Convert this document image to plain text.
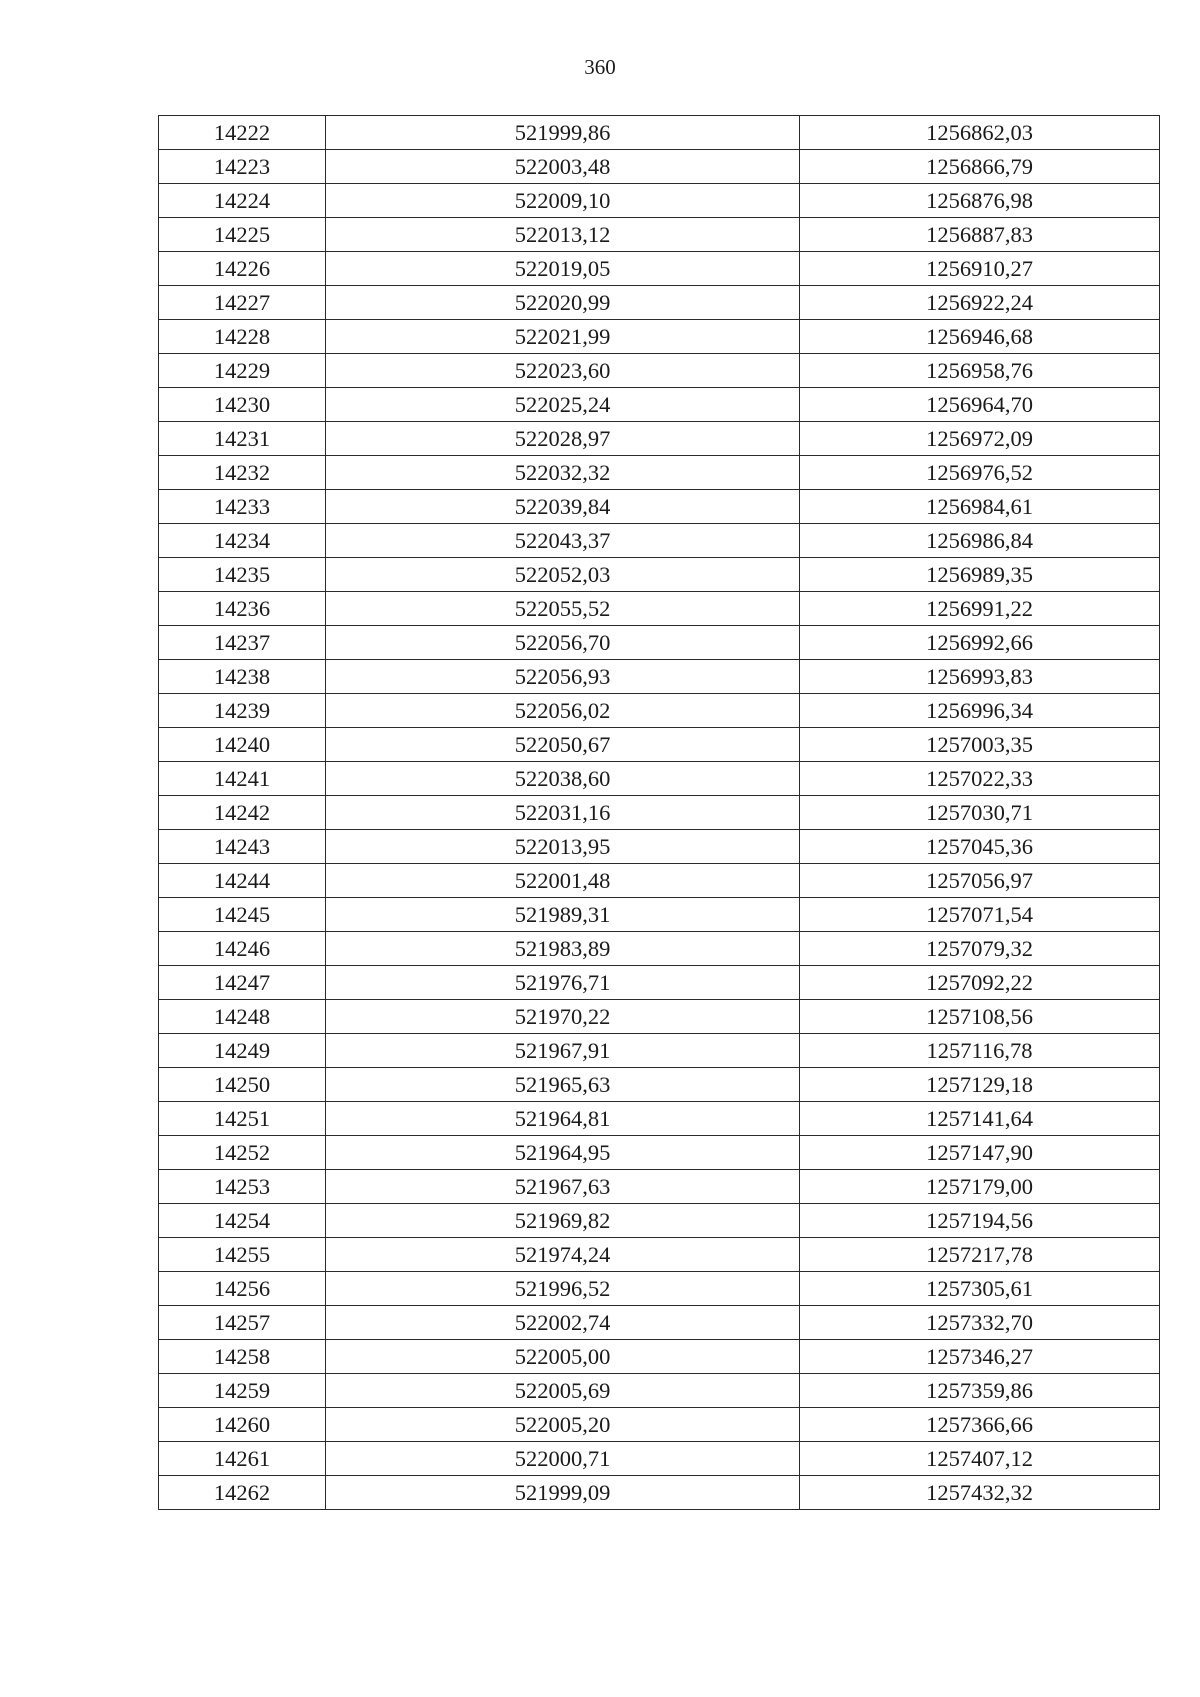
360
14222	521999,86	1256862,03
14223	522003,48	1256866,79
14224	522009,10	1256876,98
14225	522013,12	1256887,83
14226	522019,05	1256910,27
14227	522020,99	1256922,24
14228	522021,99	1256946,68
14229	522023,60	1256958,76
14230	522025,24	1256964,70
14231	522028,97	1256972,09
14232	522032,32	1256976,52
14233	522039,84	1256984,61
14234	522043,37	1256986,84
14235	522052,03	1256989,35
14236	522055,52	1256991,22
14237	522056,70	1256992,66
14238	522056,93	1256993,83
14239	522056,02	1256996,34
14240	522050,67	1257003,35
14241	522038,60	1257022,33
14242	522031,16	1257030,71
14243	522013,95	1257045,36
14244	522001,48	1257056,97
14245	521989,31	1257071,54
14246	521983,89	1257079,32
14247	521976,71	1257092,22
14248	521970,22	1257108,56
14249	521967,91	1257116,78
14250	521965,63	1257129,18
14251	521964,81	1257141,64
14252	521964,95	1257147,90
14253	521967,63	1257179,00
14254	521969,82	1257194,56
14255	521974,24	1257217,78
14256	521996,52	1257305,61
14257	522002,74	1257332,70
14258	522005,00	1257346,27
14259	522005,69	1257359,86
14260	522005,20	1257366,66
14261	522000,71	1257407,12
14262	521999,09	1257432,32
